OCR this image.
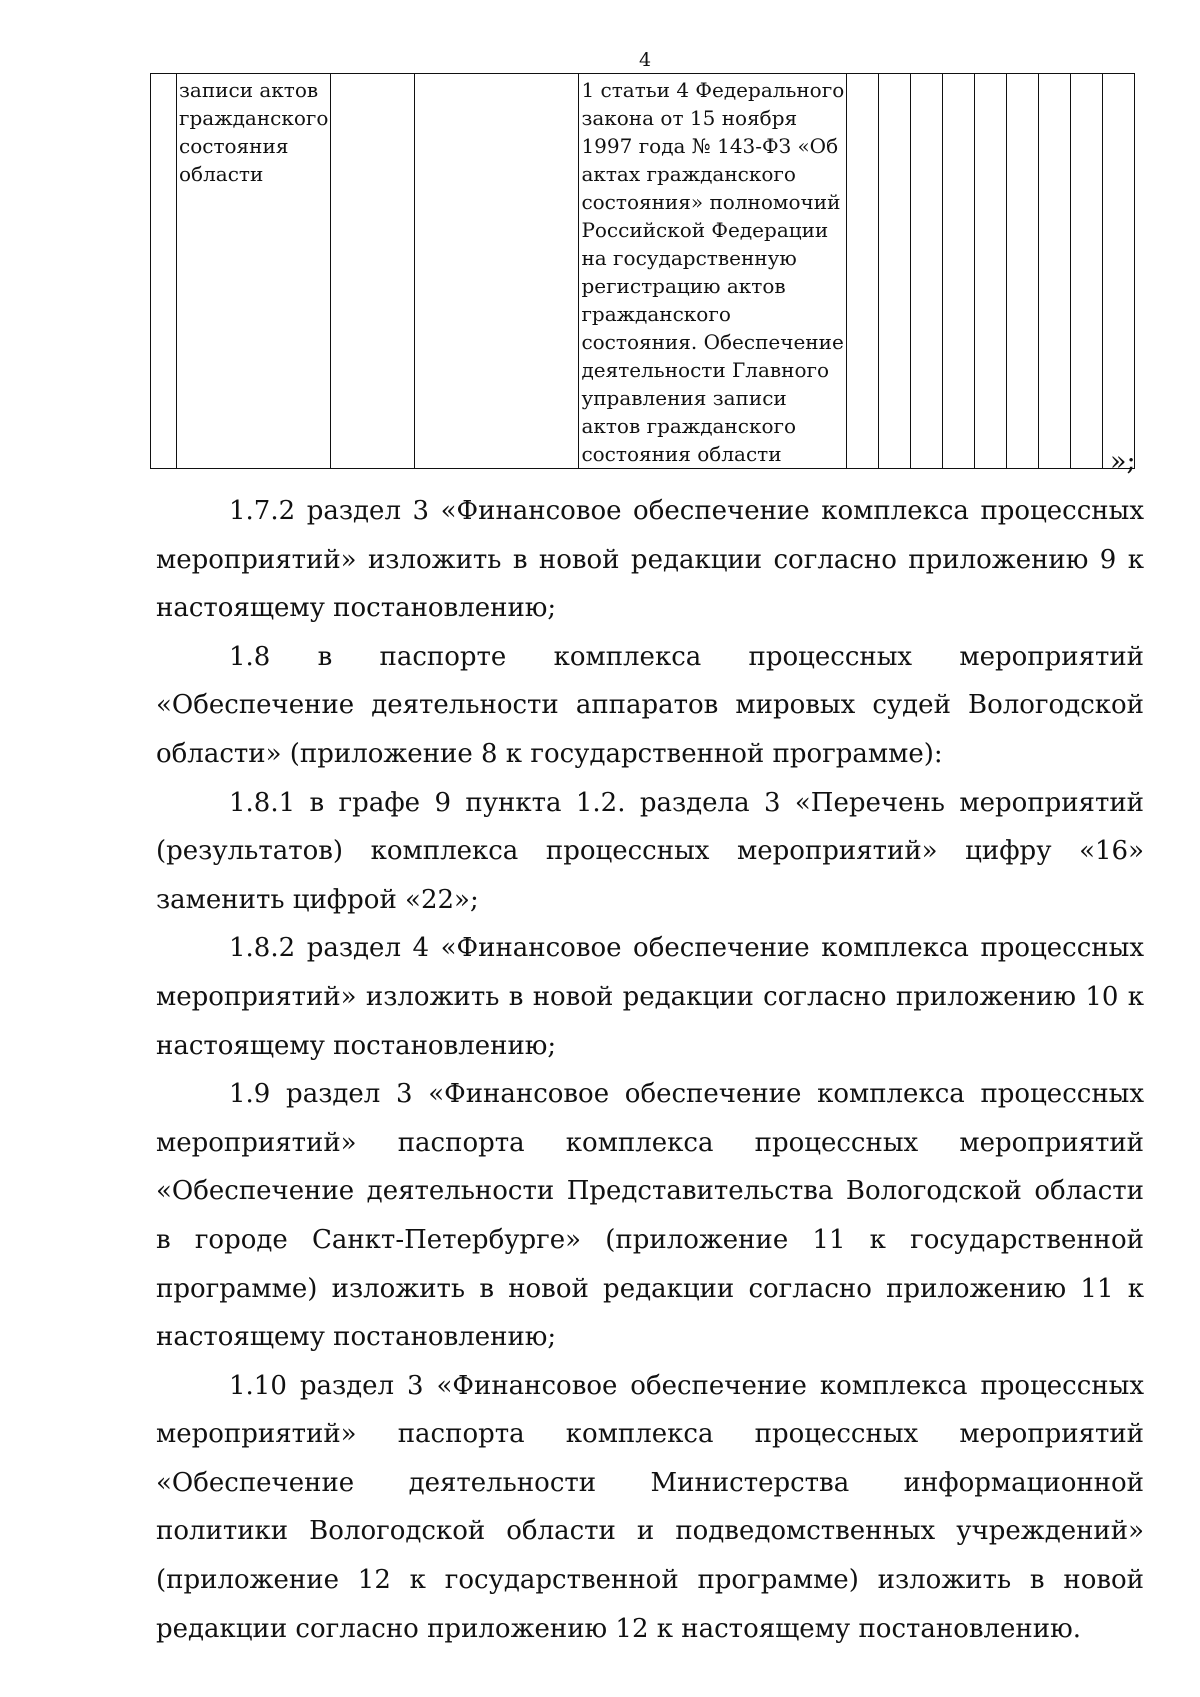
4
	записи актов гражданского состояния области			1 статьи 4 Федерального закона от 15 ноября 1997 года № 143-ФЗ «Об актах гражданского состояния» полномочий Российской Федерации на государственную регистрацию актов гражданского состояния. Обеспечение деятельности Главного управления записи актов гражданского состояния области										»;

1.7.2 раздел 3 «Финансовое обеспечение комплекса процессных мероприятий» изложить в новой редакции согласно приложению 9 к настоящему постановлению;

1.8 в паспорте комплекса процессных мероприятий «Обеспечение деятельности аппаратов мировых судей Вологодской области» (приложение 8 к государственной программе):

1.8.1 в графе 9 пункта 1.2. раздела 3 «Перечень мероприятий (результатов) комплекса процессных мероприятий» цифру «16» заменить цифрой «22»;

1.8.2 раздел 4 «Финансовое обеспечение комплекса процессных мероприятий» изложить в новой редакции согласно приложению 10 к настоящему постановлению;

1.9 раздел 3 «Финансовое обеспечение комплекса процессных мероприятий» паспорта комплекса процессных мероприятий «Обеспечение деятельности Представительства Вологодской области в городе Санкт-Петербурге» (приложение 11 к государственной программе) изложить в новой редакции согласно приложению 11 к настоящему постановлению;

1.10 раздел 3 «Финансовое обеспечение комплекса процессных мероприятий» паспорта комплекса процессных мероприятий «Обеспечение деятельности Министерства информационной политики Вологодской области и подведомственных учреждений» (приложение 12 к государственной программе) изложить в новой редакции согласно приложению 12 к настоящему постановлению.
